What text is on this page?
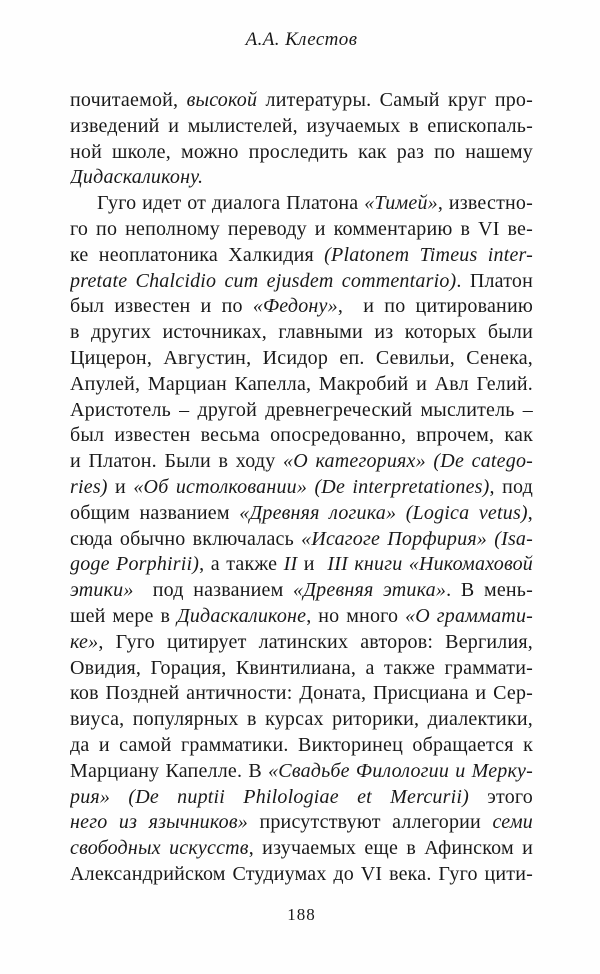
А.А. Клестов
почитаемой, высокой литературы. Самый круг про-
изведений и мылистелей, изучаемых в епископаль-
ной школе, можно проследить как раз по нашему
Дидаскаликону.
Гуго идет от диалога Платона «Тимей», известно-
го по неполному переводу и комментарию в VI ве-
ке неоплатоника Халкидия (Platonem Timeus inter-
pretate Chalcidio cum ejusdem commentario). Платон
был известен и по «Федону»,  и по цитированию
в других источниках, главными из которых были
Цицерон, Августин, Исидор еп. Севильи, Сенека,
Апулей, Марциан Капелла, Макробий и Авл Гелий.
Аристотель – другой древнегреческий мыслитель –
был известен весьма опосредованно, впрочем, как
и Платон. Были в ходу «О категориях» (De catego-
ries) и «Об истолковании» (De interpretationes), под
общим названием «Древняя логика» (Logica vetus),
сюда обычно включалась «Исагоге Порфирия» (Isa-
goge Porphirii), а также II и  III книги «Никомаховой
этики»  под названием «Древняя этика». В мень-
шей мере в Дидаскаликоне, но много «О граммати-
ке», Гуго цитирует латинских авторов: Вергилия,
Овидия, Горация, Квинтилиана, а также граммати-
ков Поздней античности: Доната, Присциана и Сер-
виуса, популярных в курсах риторики, диалектики,
да и самой грамматики. Викторинец обращается к
Марциану Капелле. В «Свадьбе Филологии и Мерку-
рия» (De nuptii Philologiae et Mercurii) этого
него из язычников» присутствуют аллегории семи
свободных искусств, изучаемых еще в Афинском и
Александрийском Студиумах до VI века. Гуго цити-
188
